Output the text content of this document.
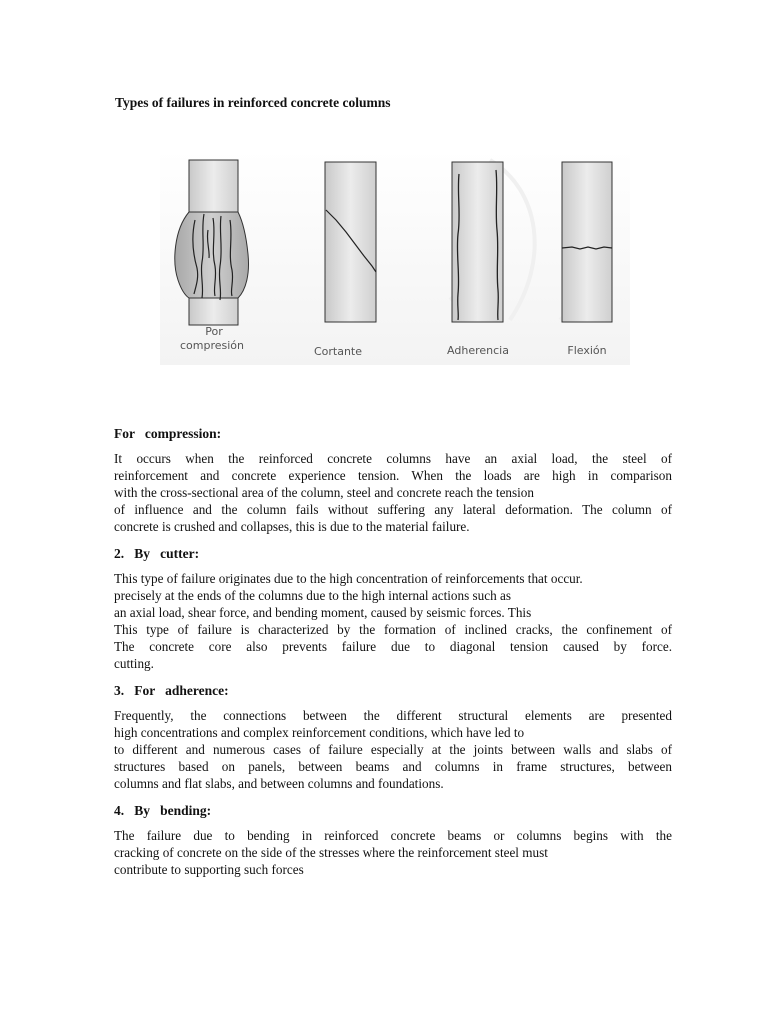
Types of failures in reinforced concrete columns
Por
compresión	Cortante	Adherencia	Flexión
For   compression:
It occurs when the reinforced concrete columns have an axial load, the steel of
reinforcement and concrete experience tension. When the loads are high in comparison
with the cross-sectional area of the column, steel and concrete reach the tension
of influence and the column fails without suffering any lateral deformation. The column of
concrete is crushed and collapses, this is due to the material failure.
2.   By   cutter:
This type of failure originates due to the high concentration of reinforcements that occur.
precisely at the ends of the columns due to the high internal actions such as
an axial load, shear force, and bending moment, caused by seismic forces. This
This type of failure is characterized by the formation of inclined cracks, the confinement of
The concrete core also prevents failure due to diagonal tension caused by force.
cutting.
3.   For   adherence:
Frequently, the connections between the different structural elements are presented
high concentrations and complex reinforcement conditions, which have led to
to different and numerous cases of failure especially at the joints between walls and slabs of
structures based on panels, between beams and columns in frame structures, between
columns and flat slabs, and between columns and foundations.
4.   By   bending:
The failure due to bending in reinforced concrete beams or columns begins with the
cracking of concrete on the side of the stresses where the reinforcement steel must
contribute to supporting such forces
